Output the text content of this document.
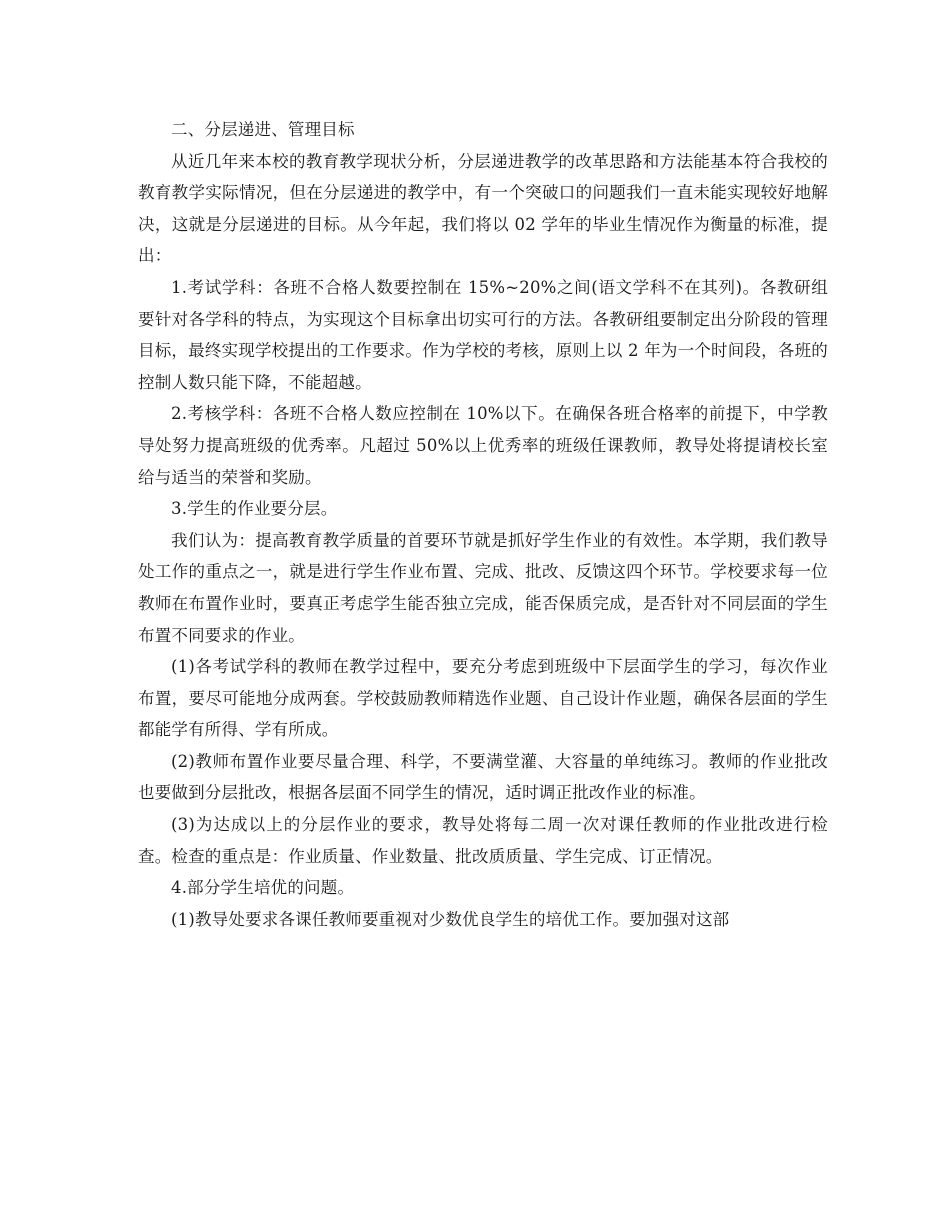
二、分层递进、管理目标

从近几年来本校的教育教学现状分析，分层递进教学的改革思路和方法能基本符合我校的教育教学实际情况，但在分层递进的教学中，有一个突破口的问题我们一直未能实现较好地解决，这就是分层递进的目标。从今年起，我们将以 02 学年的毕业生情况作为衡量的标准，提出：

1.考试学科：各班不合格人数要控制在 15%~20%之间(语文学科不在其列)。各教研组要针对各学科的特点，为实现这个目标拿出切实可行的方法。各教研组要制定出分阶段的管理目标，最终实现学校提出的工作要求。作为学校的考核，原则上以 2 年为一个时间段，各班的控制人数只能下降，不能超越。

2.考核学科：各班不合格人数应控制在 10%以下。在确保各班合格率的前提下，中学教导处努力提高班级的优秀率。凡超过 50%以上优秀率的班级任课教师，教导处将提请校长室给与适当的荣誉和奖励。

3.学生的作业要分层。

我们认为：提高教育教学质量的首要环节就是抓好学生作业的有效性。本学期，我们教导处工作的重点之一，就是进行学生作业布置、完成、批改、反馈这四个环节。学校要求每一位教师在布置作业时，要真正考虑学生能否独立完成，能否保质完成，是否针对不同层面的学生布置不同要求的作业。

(1)各考试学科的教师在教学过程中，要充分考虑到班级中下层面学生的学习，每次作业布置，要尽可能地分成两套。学校鼓励教师精选作业题、自己设计作业题，确保各层面的学生都能学有所得、学有所成。

(2)教师布置作业要尽量合理、科学，不要满堂灌、大容量的单纯练习。教师的作业批改也要做到分层批改，根据各层面不同学生的情况，适时调正批改作业的标准。

(3)为达成以上的分层作业的要求，教导处将每二周一次对课任教师的作业批改进行检查。检查的重点是：作业质量、作业数量、批改质质量、学生完成、订正情况。

4.部分学生培优的问题。

(1)教导处要求各课任教师要重视对少数优良学生的培优工作。要加强对这部
